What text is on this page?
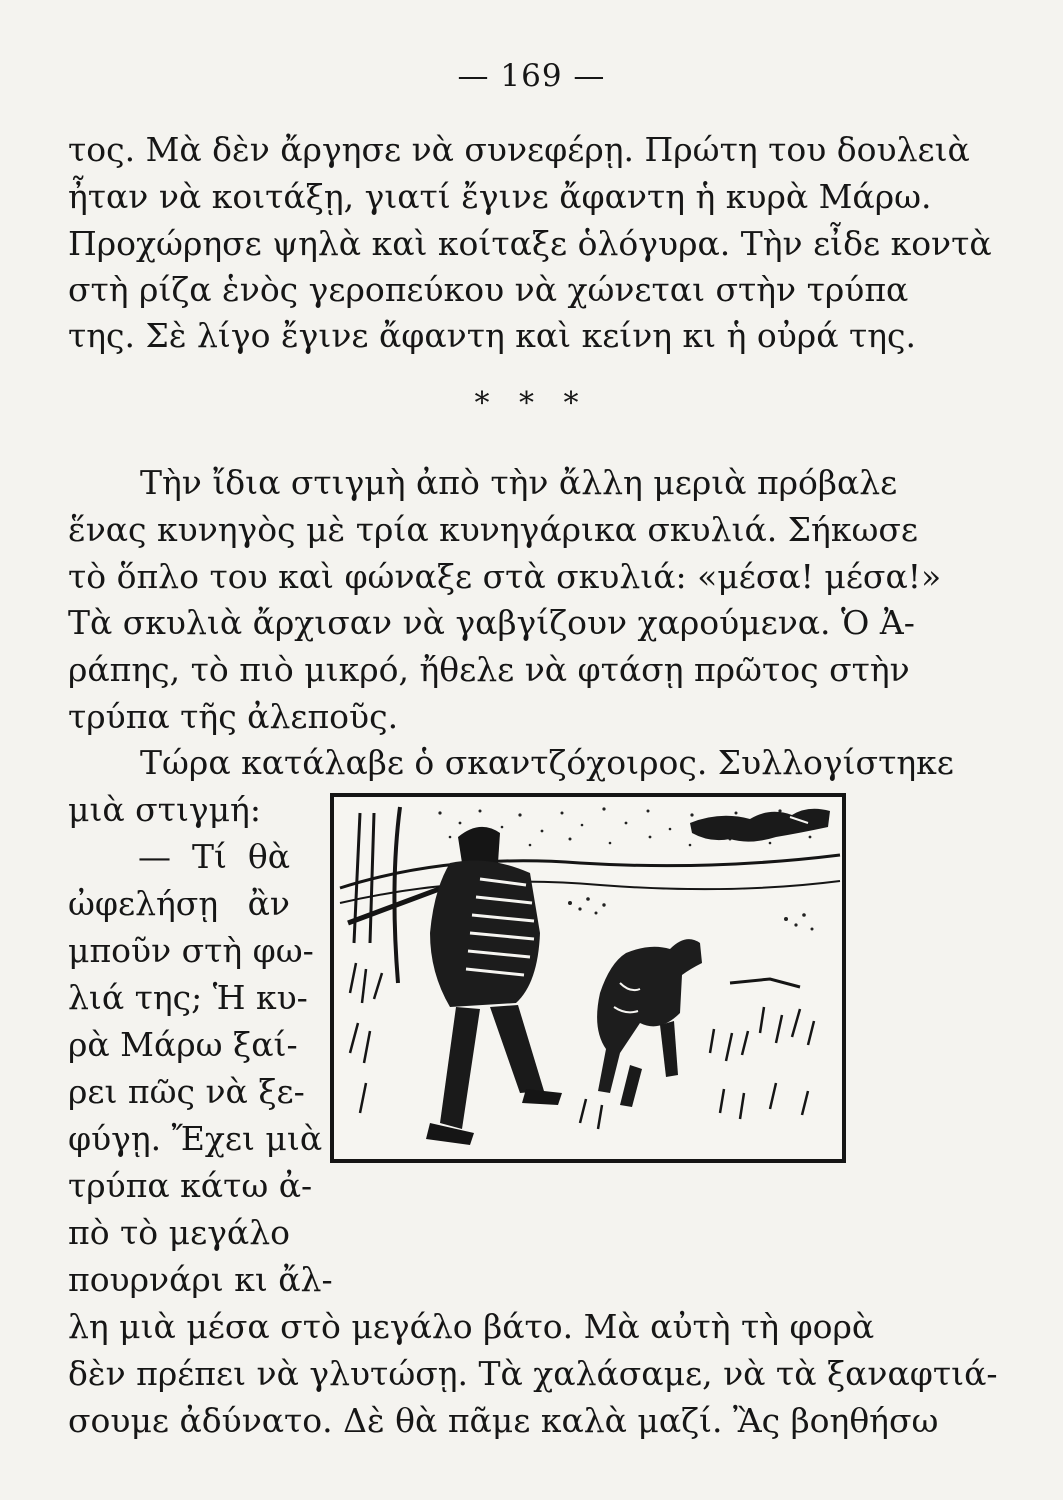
— 169 —
τος. Μὰ δὲν ἄργησε νὰ συνεφέρῃ. Πρώτη του δουλειὰ
ἦταν νὰ κοιτάξῃ, γιατί ἔγινε ἄφαντη ἡ κυρὰ Μάρω.
Προχώρησε ψηλὰ καὶ κοίταξε ὁλόγυρα. Τὴν εἶδε κοντὰ
στὴ ρίζα ἑνὸς γεροπεύκου νὰ χώνεται στὴν τρύπα
της. Σὲ λίγο ἔγινε ἄφαντη καὶ κείνη κι ἡ οὐρά της.
* * *
Τὴν ἴδια στιγμὴ ἀπὸ τὴν ἄλλη μεριὰ πρόβαλε
ἕνας κυνηγὸς μὲ τρία κυνηγάρικα σκυλιά. Σήκωσε
τὸ ὅπλο του καὶ φώναξε στὰ σκυλιά: «μέσα! μέσα!»
Τὰ σκυλιὰ ἄρχισαν νὰ γαβγίζουν χαρούμενα. Ὁ Ἀ-
ράπης, τὸ πιὸ μικρό, ἤθελε νὰ φτάσῃ πρῶτος στὴν
τρύπα τῆς ἀλεποῦς.
Τώρα κατάλαβε ὁ σκαντζόχοιρος. Συλλογίστηκε
μιὰ στιγμή:
— Τί θὰ
ὠφελήσῃ ἂν
μποῦν στὴ φω-
λιά της; Ἡ κυ-
ρὰ Μάρω ξαί-
ρει πῶς νὰ ξε-
φύγῃ. Ἔχει μιὰ
τρύπα κάτω ἀ-
πὸ τὸ μεγάλο
πουρνάρι κι ἄλ-
λη μιὰ μέσα στὸ μεγάλο βάτο. Μὰ αὐτὴ τὴ φορὰ
δὲν πρέπει νὰ γλυτώσῃ. Τὰ χαλάσαμε, νὰ τὰ ξαναφτιά-
σουμε ἀδύνατο. Δὲ θὰ πᾶμε καλὰ μαζί. Ἂς βοηθήσω
